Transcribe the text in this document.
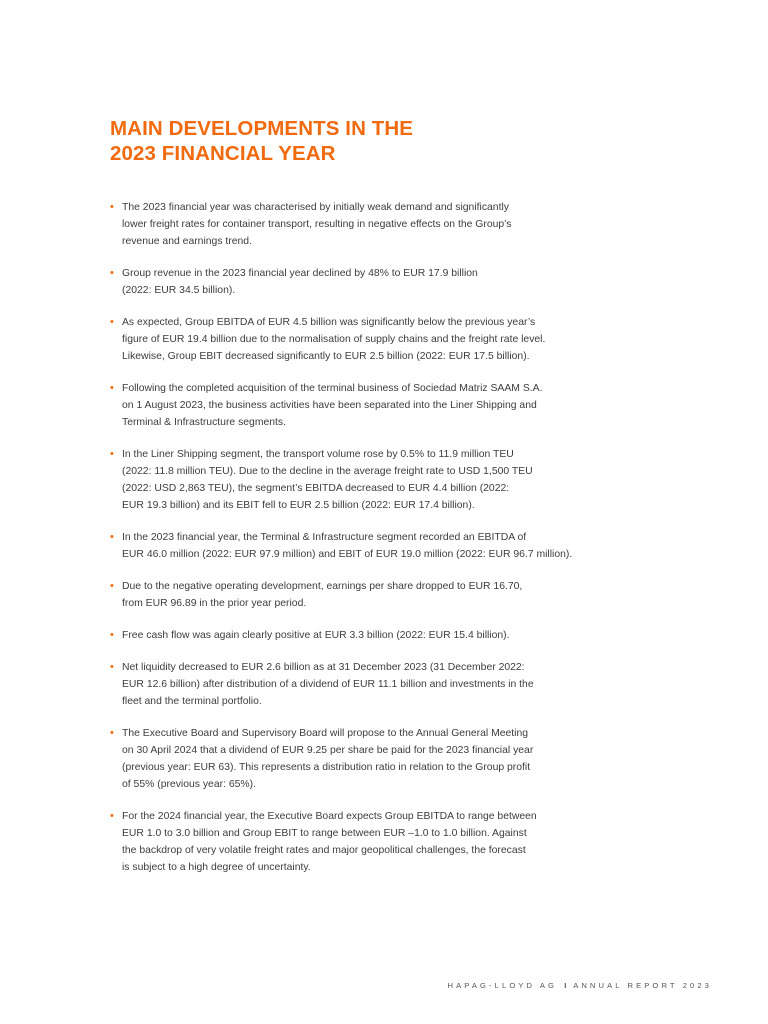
MAIN DEVELOPMENTS IN THE
2023 FINANCIAL YEAR
• The 2023 financial year was characterised by initially weak demand and significantly
lower freight rates for container transport, resulting in negative effects on the Group’s
revenue and earnings trend.
• Group revenue in the 2023 financial year declined by 48% to EUR 17.9 billion
(2022: EUR 34.5 billion).
• As expected, Group EBITDA of EUR 4.5 billion was significantly below the previous year’s
figure of EUR 19.4 billion due to the normalisation of supply chains and the freight rate level.
Likewise, Group EBIT decreased significantly to EUR 2.5 billion (2022: EUR 17.5 billion).
• Following the completed acquisition of the terminal business of Sociedad Matriz SAAM S.A.
on 1 August 2023, the business activities have been separated into the Liner Shipping and
Terminal & Infrastructure segments.
• In the Liner Shipping segment, the transport volume rose by 0.5% to 11.9 million TEU
(2022: 11.8 million TEU). Due to the decline in the average freight rate to USD 1,500 TEU
(2022: USD 2,863 TEU), the segment’s EBITDA decreased to EUR 4.4 billion (2022:
EUR 19.3 billion) and its EBIT fell to EUR 2.5 billion (2022: EUR 17.4 billion).
• In the 2023 financial year, the Terminal & Infrastructure segment recorded an EBITDA of
EUR 46.0 million (2022: EUR 97.9 million) and EBIT of EUR 19.0 million (2022: EUR 96.7 million).
• Due to the negative operating development, earnings per share dropped to EUR 16.70,
from EUR 96.89 in the prior year period.
• Free cash flow was again clearly positive at EUR 3.3 billion (2022: EUR 15.4 billion).
• Net liquidity decreased to EUR 2.6 billion as at 31 December 2023 (31 December 2022:
EUR 12.6 billion) after distribution of a dividend of EUR 11.1 billion and investments in the
fleet and the terminal portfolio.
• The Executive Board and Supervisory Board will propose to the Annual General Meeting
on 30 April 2024 that a dividend of EUR 9.25 per share be paid for the 2023 financial year
(previous year: EUR 63). This represents a distribution ratio in relation to the Group profit
of 55% (previous year: 65%).
• For the 2024 financial year, the Executive Board expects Group EBITDA to range between
EUR 1.0 to 3.0 billion and Group EBIT to range between EUR –1.0 to 1.0 billion. Against
the backdrop of very volatile freight rates and major geopolitical challenges, the forecast
is subject to a high degree of uncertainty.
HAPAG-LLOYD AG I ANNUAL REPORT 2023
